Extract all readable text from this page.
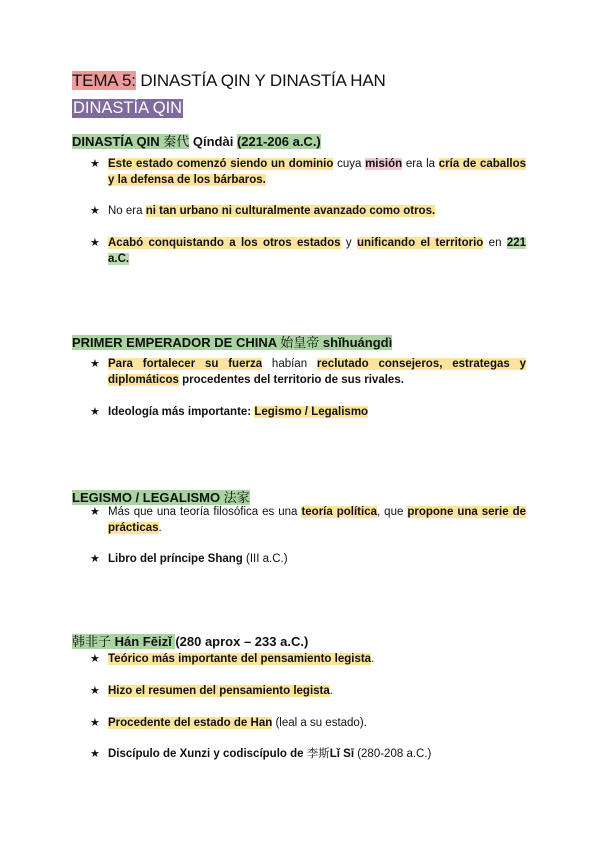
TEMA 5: DINASTÍA QIN Y DINASTÍA HAN
DINASTÍA QIN
DINASTÍA QIN 秦代 Qíndài (221-206 a.C.)
★ Este estado comenzó siendo un dominio cuya misión era la cría de caballos y la defensa de los bárbaros.
★ No era ni tan urbano ni culturalmente avanzado como otros.
★ Acabó conquistando a los otros estados y unificando el territorio en 221 a.C.
PRIMER EMPERADOR DE CHINA 始皇帝 shǐhuángdì
★ Para fortalecer su fuerza habían reclutado consejeros, estrategas y diplomáticos procedentes del territorio de sus rivales.
★ Ideología más importante: Legismo / Legalismo
LEGISMO / LEGALISMO 法家
★ Más que una teoría filosófica es una teoría política, que propone una serie de prácticas.
★ Libro del príncipe Shang (III a.C.)
韩非子 Hán Fēizǐ (280 aprox – 233 a.C.)
★ Teórico más importante del pensamiento legista.
★ Hizo el resumen del pensamiento legista.
★ Procedente del estado de Han (leal a su estado).
★ Discípulo de Xunzi y codiscípulo de 李斯Lǐ Sī (280-208 a.C.)
